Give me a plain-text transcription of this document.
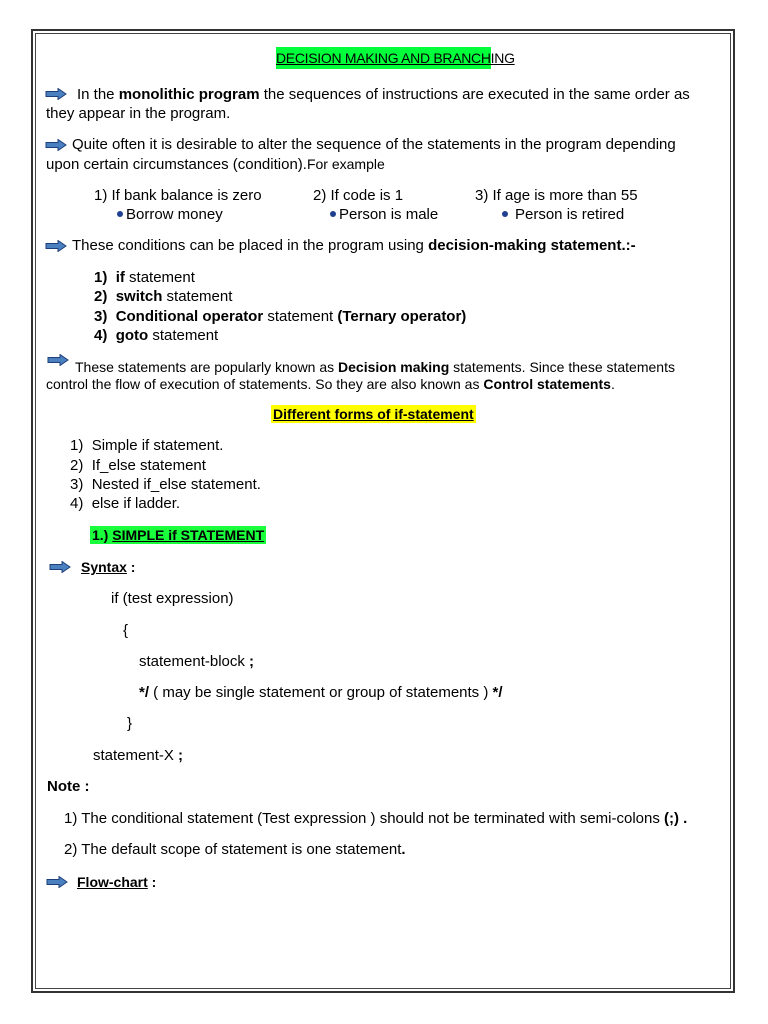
DECISION MAKING AND BRANCHING
In the monolithic program the sequences of instructions are executed in the same order as
they appear in the program.
Quite often it is desirable to alter the sequence of the statements in the program depending
upon certain circumstances (condition).For example
1) If bank balance is zero
Borrow money
2) If code is 1
Person is male
3) If age is more than 55
Person is retired
These conditions can be placed in the program using decision-making statement.:-
1) if statement
2) switch statement
3) Conditional operator statement (Ternary operator)
4) goto statement
These statements are popularly known as Decision making statements. Since these statements
control the flow of execution of statements. So they are also known as Control statements.
Different forms of if-statement
1) Simple if statement.
2) If_else statement
3) Nested if_else statement.
4) else if ladder.
1.) SIMPLE if STATEMENT
Syntax :
if (test expression)
{
statement-block ;
*/ ( may be single statement or group of statements ) */
}
statement-X ;
Note :
1) The conditional statement (Test expression ) should not be terminated with semi-colons (;) .
2) The default scope of statement is one statement.
Flow-chart :
